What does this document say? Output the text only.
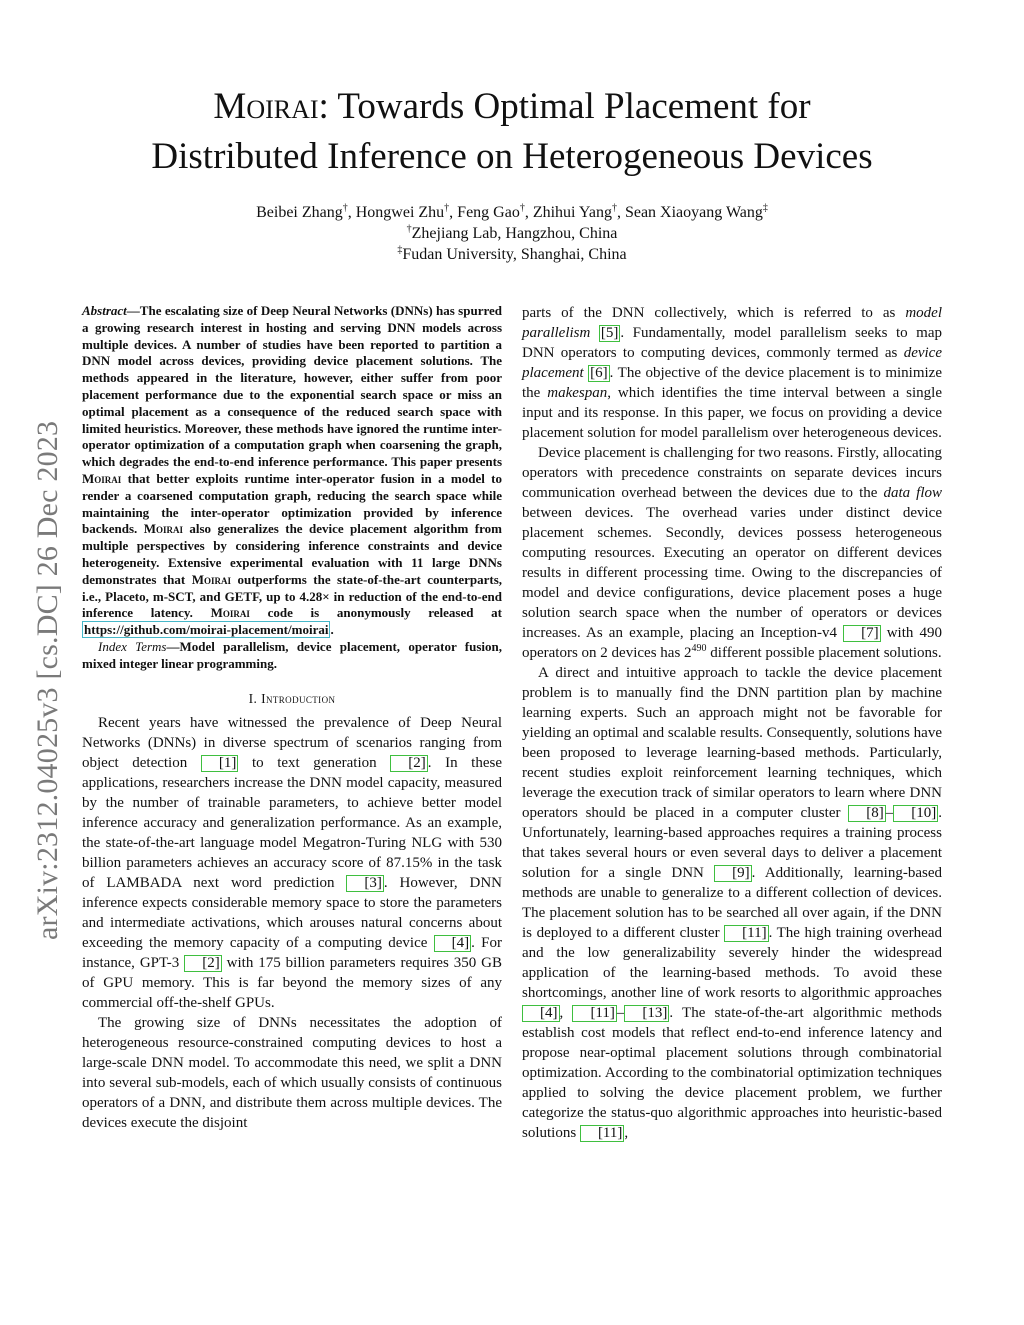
arXiv:2312.04025v3 [cs.DC] 26 Dec 2023
Moirai: Towards Optimal Placement for
Distributed Inference on Heterogeneous Devices
Beibei Zhang†, Hongwei Zhu†, Feng Gao†, Zhihui Yang†, Sean Xiaoyang Wang‡
†Zhejiang Lab, Hangzhou, China
‡Fudan University, Shanghai, China

Abstract—The escalating size of Deep Neural Networks (DNNs) has spurred a growing research interest in hosting and serving DNN models across multiple devices. A number of studies have been reported to partition a DNN model across devices, providing device placement solutions. The methods appeared in the literature, however, either suffer from poor placement performance due to the exponential search space or miss an optimal placement as a consequence of the reduced search space with limited heuristics. Moreover, these methods have ignored the runtime inter-operator optimization of a computation graph when coarsening the graph, which degrades the end-to-end inference performance. This paper presents Moirai that better exploits runtime inter-operator fusion in a model to render a coarsened computation graph, reducing the search space while maintaining the inter-operator optimization provided by inference backends. Moirai also generalizes the device placement algorithm from multiple perspectives by considering inference constraints and device heterogeneity. Extensive experimental evaluation with 11 large DNNs demonstrates that Moirai outperforms the state-of-the-art counterparts, i.e., Placeto, m-SCT, and GETF, up to 4.28× in reduction of the end-to-end inference latency. Moirai code is anonymously released at https://github.com/moirai-placement/moirai .

Index Terms—Model parallelism, device placement, operator fusion, mixed integer linear programming.

I. Introduction

Recent years have witnessed the prevalence of Deep Neural Networks (DNNs) in diverse spectrum of scenarios ranging from object detection [1] to text generation [2] . In these applications, researchers increase the DNN model capacity, measured by the number of trainable parameters, to achieve better model inference accuracy and generalization performance. As an example, the state-of-the-art language model Megatron-Turing NLG with 530 billion parameters achieves an accuracy score of 87.15% in the task of LAMBADA next word prediction [3] . However, DNN inference expects considerable memory space to store the parameters and intermediate activations, which arouses natural concerns about exceeding the memory capacity of a computing device [4] . For instance, GPT-3 [2] with 175 billion parameters requires 350 GB of GPU memory. This is far beyond the memory sizes of any commercial off-the-shelf GPUs.

The growing size of DNNs necessitates the adoption of heterogeneous resource-constrained computing devices to host a large-scale DNN model. To accommodate this need, we split a DNN into several sub-models, each of which usually consists of continuous operators of a DNN, and distribute them across multiple devices. The devices execute the disjoint

parts of the DNN collectively, which is referred to as model parallelism [5] . Fundamentally, model parallelism seeks to map DNN operators to computing devices, commonly termed as device placement [6] . The objective of the device placement is to minimize the makespan, which identifies the time interval between a single input and its response. In this paper, we focus on providing a device placement solution for model parallelism over heterogeneous devices.

Device placement is challenging for two reasons. Firstly, allocating operators with precedence constraints on separate devices incurs communication overhead between the devices due to the data flow between devices. The overhead varies under distinct device placement schemes. Secondly, devices possess heterogeneous computing resources. Executing an operator on different devices results in different processing time. Owing to the discrepancies of model and device configurations, device placement poses a huge solution search space when the number of operators or devices increases. As an example, placing an Inception-v4 [7] with 490 operators on 2 devices has $2^{490}$ different possible placement solutions.

A direct and intuitive approach to tackle the device placement problem is to manually find the DNN partition plan by machine learning experts. Such an approach might not be favorable for yielding an optimal and scalable results. Consequently, solutions have been proposed to leverage learning-based methods. Particularly, recent studies exploit reinforcement learning techniques, which leverage the execution track of similar operators to learn where DNN operators should be placed in a computer cluster [8] – [10] . Unfortunately, learning-based approaches requires a training process that takes several hours or even several days to deliver a placement solution for a single DNN [9] . Additionally, learning-based methods are unable to generalize to a different collection of devices. The placement solution has to be searched all over again, if the DNN is deployed to a different cluster [11] . The high training overhead and the low generalizability severely hinder the widespread application of the learning-based methods. To avoid these shortcomings, another line of work resorts to algorithmic approaches [4] , [11] – [13] . The state-of-the-art algorithmic methods establish cost models that reflect end-to-end inference latency and propose near-optimal placement solutions through combinatorial optimization. According to the combinatorial optimization techniques applied to solving the device placement problem, we further categorize the status-quo algorithmic approaches into heuristic-based solutions [11] ,
